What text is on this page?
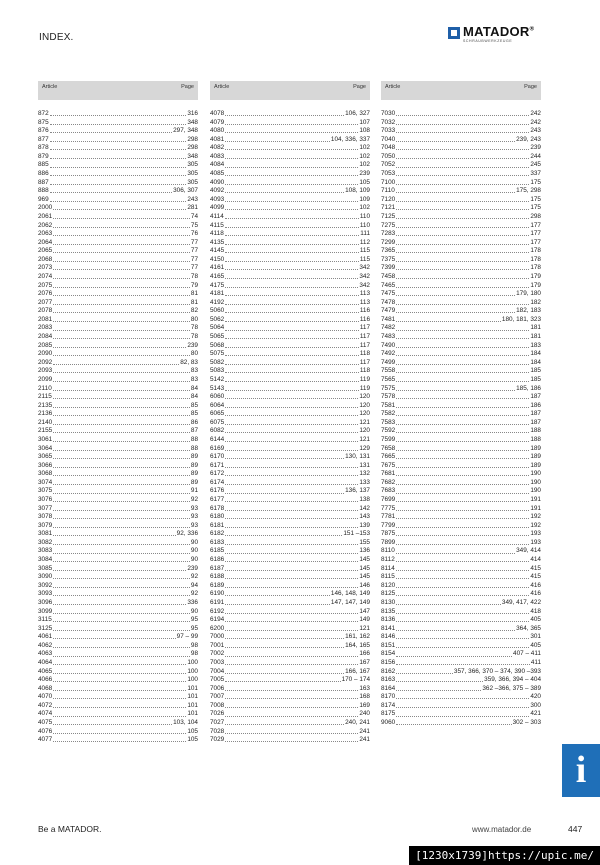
INDEX.	MATADOR®
SCHRAUBWERKZEUGE
Article	Page
872	316
875	348
876	297, 348
877	298
878	298
879	348
885	305
886	305
887	305
888	306, 307
969	243
2000	281
2061	74
2062	75
2063	76
2064	77
2065	77
2068	77
2073	77
2074	78
2075	79
2076	81
2077	81
2078	82
2081	80
2083	78
2084	78
2085	239
2090	80
2092	82, 83
2093	83
2099	83
2110	84
2115	84
2135	85
2136	85
2140	86
2155	87
3061	88
3064	88
3065	89
3066	89
3068	89
3074	89
3075	91
3076	92
3077	93
3078	93
3079	93
3081	92, 336
3082	90
3083	90
3084	90
3085	239
3090	92
3092	94
3093	92
3096	336
3099	90
3115	95
3125	95
4061	97 – 99
4062	98
4063	98
4064	100
4065	100
4066	100
4068	101
4070	101
4072	101
4074	101
4075	103, 104
4076	105
4077	105
Article	Page
4078	106, 327
4079	107
4080	108
4081	104, 336, 337
4082	102
4083	102
4084	102
4085	239
4090	105
4092	108, 109
4093	109
4099	102
4114	110
4115	110
4118	111
4135	112
4145	115
4150	115
4161	342
4165	342
4175	342
4181	113
4192	113
5060	116
5062	116
5064	117
5065	117
5068	117
5075	118
5082	117
5083	118
5142	119
5143	119
6060	120
6064	120
6065	120
6075	121
6082	120
6144	121
6169	129
6170	130, 131
6171	131
6172	132
6174	133
6176	136, 137
6177	138
6178	142
6180	143
6181	139
6182	151 –153
6183	155
6185	136
6186	145
6187	145
6188	145
6189	146
6190	146, 148, 149
6191	147, 147, 149
6192	147
6194	149
6200	121
7000	161, 162
7001	164, 165
7002	166
7003	167
7004	166, 167
7005	170 – 174
7006	163
7007	168
7008	169
7026	240
7027	240, 241
7028	241
7029	241
Article	Page
7030	242
7032	242
7033	243
7040	239, 243
7048	239
7050	244
7052	245
7053	337
7100	175
7110	175, 298
7120	175
7121	175
7125	298
7275	177
7283	177
7299	177
7365	178
7375	178
7399	178
7458	179
7465	179
7475	179, 180
7478	182
7479	182, 183
7481	180, 181, 323
7482	181
7483	181
7490	183
7492	184
7499	184
7558	185
7565	185
7575	185, 186
7578	187
7581	186
7582	187
7583	187
7592	188
7599	188
7658	189
7665	189
7675	189
7681	190
7682	190
7683	190
7699	191
7775	191
7781	192
7799	192
7875	193
7899	193
8110	349, 414
8112	414
8114	415
8115	415
8120	416
8125	416
8130	349, 417, 422
8135	418
8136	405
8141	364, 365
8146	301
8151	405
8154	407 – 411
8156	411
8162	357, 366, 370 – 374, 390 –393
8163	359, 366, 394 – 404
8164	362 –366, 375 – 389
8170	420
8174	300
8175	421
9060	302 – 303
i
Be a MATADOR.	www.matador.de	447
[1230x1739]https://upic.me/
